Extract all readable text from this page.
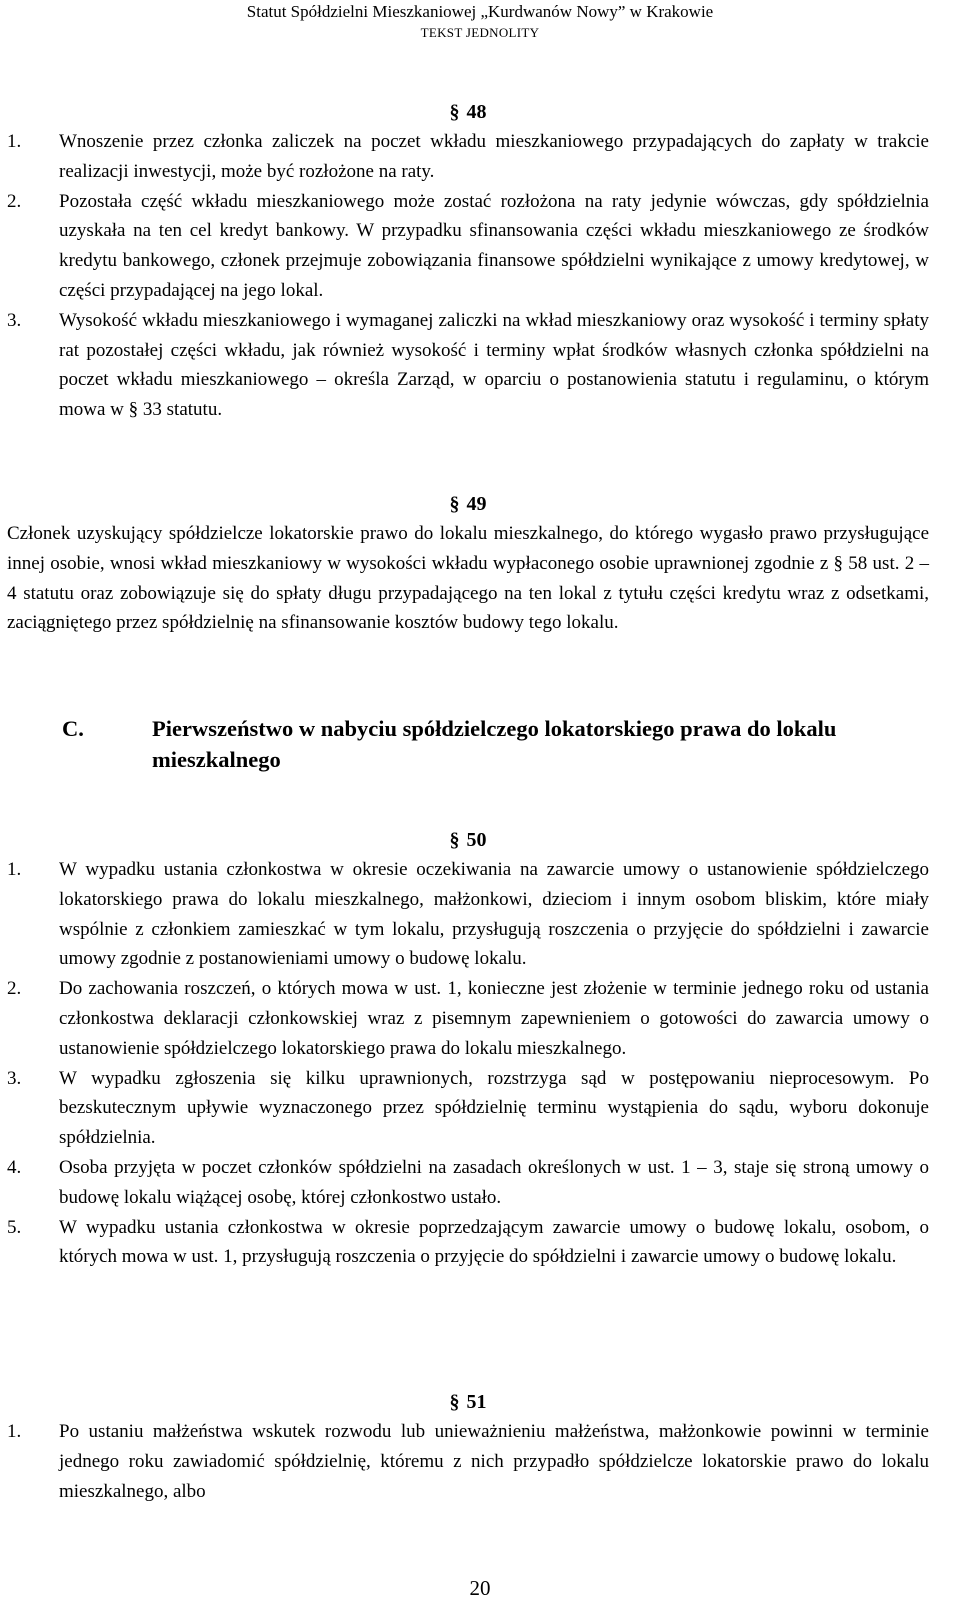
Statut Spółdzielni Mieszkaniowej „Kurdwanów Nowy” w Krakowie
TEKST JEDNOLITY
§ 48
1. Wnoszenie przez członka zaliczek na poczet wkładu mieszkaniowego przypadających do zapłaty w trakcie realizacji inwestycji, może być rozłożone na raty.
2. Pozostała część wkładu mieszkaniowego może zostać rozłożona na raty jedynie wówczas, gdy spółdzielnia uzyskała na ten cel kredyt bankowy. W przypadku sfinansowania części wkładu mieszkaniowego ze środków kredytu bankowego, członek przejmuje zobowiązania finansowe spółdzielni wynikające z umowy kredytowej, w części przypadającej na jego lokal.
3. Wysokość wkładu mieszkaniowego i wymaganej zaliczki na wkład mieszkaniowy oraz wysokość i terminy spłaty rat pozostałej części wkładu, jak również wysokość i terminy wpłat środków własnych członka spółdzielni na poczet wkładu mieszkaniowego – określa Zarząd, w oparciu o postanowienia statutu i regulaminu, o którym mowa w § 33 statutu.
§ 49
Członek uzyskujący spółdzielcze lokatorskie prawo do lokalu mieszkalnego, do którego wygasło prawo przysługujące innej osobie, wnosi wkład mieszkaniowy w wysokości wkładu wypłaconego osobie uprawnionej zgodnie z § 58 ust. 2 – 4 statutu oraz zobowiązuje się do spłaty długu przypadającego na ten lokal z tytułu części kredytu wraz z odsetkami, zaciągniętego przez spółdzielnię na sfinansowanie kosztów budowy tego lokalu.
C.	Pierwszeństwo w nabyciu spółdzielczego lokatorskiego prawa do lokalu mieszkalnego
§ 50
1. W wypadku ustania członkostwa w okresie oczekiwania na zawarcie umowy o ustanowienie spółdzielczego lokatorskiego prawa do lokalu mieszkalnego, małżonkowi, dzieciom i innym osobom bliskim, które miały wspólnie z członkiem zamieszkać w tym lokalu, przysługują roszczenia o przyjęcie do spółdzielni i zawarcie umowy zgodnie z postanowieniami umowy o budowę lokalu.
2. Do zachowania roszczeń, o których mowa w ust. 1, konieczne jest złożenie w terminie jednego roku od ustania członkostwa deklaracji członkowskiej wraz z pisemnym zapewnieniem o gotowości do zawarcia umowy o ustanowienie spółdzielczego lokatorskiego prawa do lokalu mieszkalnego.
3. W wypadku zgłoszenia się kilku uprawnionych, rozstrzyga sąd w postępowaniu nieprocesowym. Po bezskutecznym upływie wyznaczonego przez spółdzielnię terminu wystąpienia do sądu, wyboru dokonuje spółdzielnia.
4. Osoba przyjęta w poczet członków spółdzielni na zasadach określonych w ust. 1 – 3, staje się stroną umowy o budowę lokalu wiążącej osobę, której członkostwo ustało.
5. W wypadku ustania członkostwa w okresie poprzedzającym zawarcie umowy o budowę lokalu, osobom, o których mowa w ust. 1, przysługują roszczenia o przyjęcie do spółdzielni i zawarcie umowy o budowę lokalu.
§ 51
1. Po ustaniu małżeństwa wskutek rozwodu lub unieważnieniu małżeństwa, małżonkowie powinni w terminie jednego roku zawiadomić spółdzielnię, któremu z nich przypadło spółdzielcze lokatorskie prawo do lokalu mieszkalnego, albo
20
